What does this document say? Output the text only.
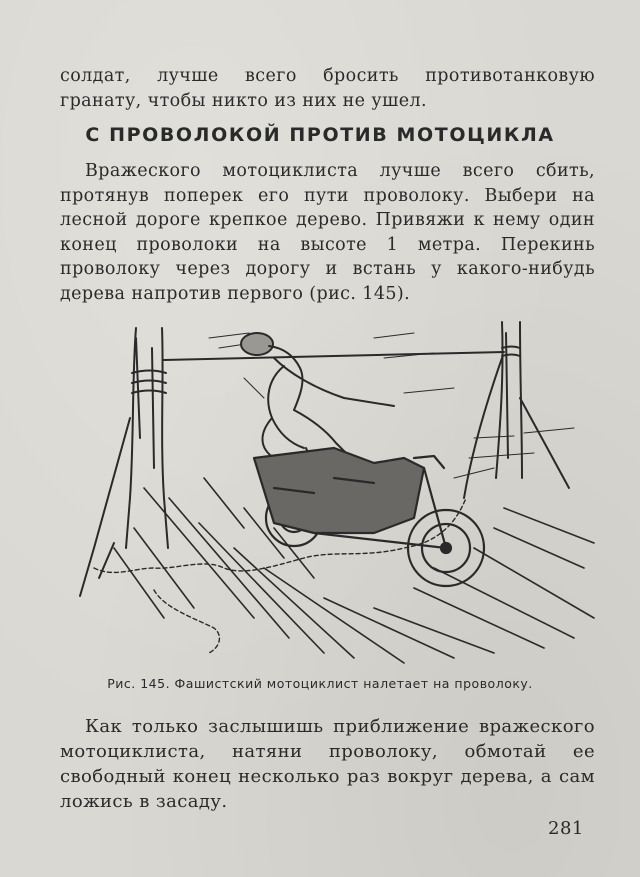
солдат, лучше всего бросить противотанковую гранату, чтобы никто из них не ушел.

С ПРОВОЛОКОЙ ПРОТИВ МОТОЦИКЛА

Вражеского мотоциклиста лучше всего сбить, протянув поперек его пути проволоку. Выбери на лесной дороге крепкое дерево. Привяжи к нему один конец проволоки на высоте 1 метра. Перекинь проволоку через дорогу и встань у какого-нибудь дерева напротив первого (рис. 145).

Рис. 145. Фашистский мотоциклист налетает на проволоку.

Как только заслышишь приближение вражеского мотоциклиста, натяни проволоку, обмотай ее свободный конец несколько раз вокруг дерева, а сам ложись в засаду.

281
